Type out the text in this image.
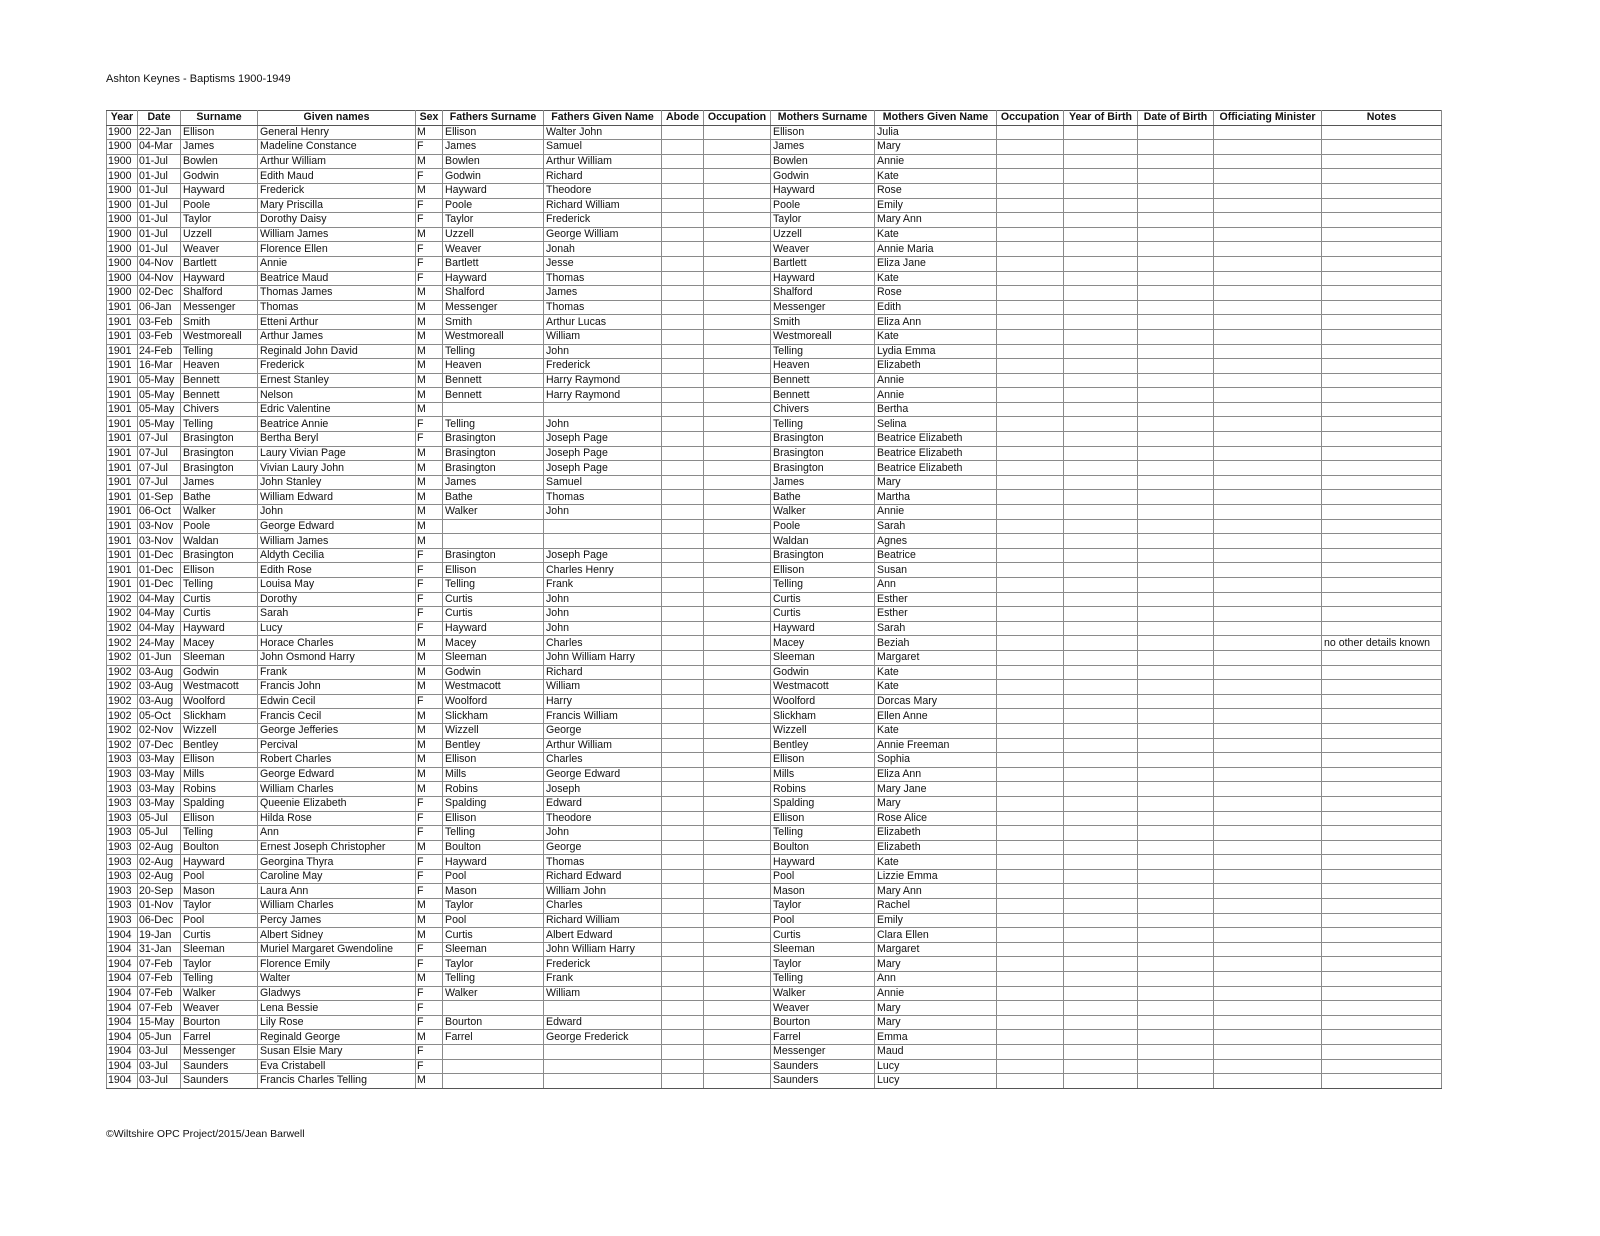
Ashton Keynes - Baptisms 1900-1949
Year	Date	Surname	Given names	Sex	Fathers Surname	Fathers Given Name	Abode	Occupation	Mothers Surname	Mothers Given Name	Occupation	Year of Birth	Date of Birth	Officiating Minister	Notes
1900	22-Jan	Ellison	General Henry	M	Ellison	Walter John			Ellison	Julia					
1900	04-Mar	James	Madeline Constance	F	James	Samuel			James	Mary					
1900	01-Jul	Bowlen	Arthur William	M	Bowlen	Arthur William			Bowlen	Annie					
1900	01-Jul	Godwin	Edith Maud	F	Godwin	Richard			Godwin	Kate					
1900	01-Jul	Hayward	Frederick	M	Hayward	Theodore			Hayward	Rose					
1900	01-Jul	Poole	Mary Priscilla	F	Poole	Richard William			Poole	Emily					
1900	01-Jul	Taylor	Dorothy Daisy	F	Taylor	Frederick			Taylor	Mary Ann					
1900	01-Jul	Uzzell	William James	M	Uzzell	George William			Uzzell	Kate					
1900	01-Jul	Weaver	Florence Ellen	F	Weaver	Jonah			Weaver	Annie Maria					
1900	04-Nov	Bartlett	Annie	F	Bartlett	Jesse			Bartlett	Eliza Jane					
1900	04-Nov	Hayward	Beatrice Maud	F	Hayward	Thomas			Hayward	Kate					
1900	02-Dec	Shalford	Thomas James	M	Shalford	James			Shalford	Rose					
1901	06-Jan	Messenger	Thomas	M	Messenger	Thomas			Messenger	Edith					
1901	03-Feb	Smith	Etteni Arthur	M	Smith	Arthur Lucas			Smith	Eliza Ann					
1901	03-Feb	Westmoreall	Arthur James	M	Westmoreall	William			Westmoreall	Kate					
1901	24-Feb	Telling	Reginald John David	M	Telling	John			Telling	Lydia Emma					
1901	16-Mar	Heaven	Frederick	M	Heaven	Frederick			Heaven	Elizabeth					
1901	05-May	Bennett	Ernest Stanley	M	Bennett	Harry Raymond			Bennett	Annie					
1901	05-May	Bennett	Nelson	M	Bennett	Harry Raymond			Bennett	Annie					
1901	05-May	Chivers	Edric Valentine	M					Chivers	Bertha					
1901	05-May	Telling	Beatrice Annie	F	Telling	John			Telling	Selina					
1901	07-Jul	Brasington	Bertha Beryl	F	Brasington	Joseph Page			Brasington	Beatrice Elizabeth					
1901	07-Jul	Brasington	Laury Vivian Page	M	Brasington	Joseph Page			Brasington	Beatrice Elizabeth					
1901	07-Jul	Brasington	Vivian Laury John	M	Brasington	Joseph Page			Brasington	Beatrice Elizabeth					
1901	07-Jul	James	John Stanley	M	James	Samuel			James	Mary					
1901	01-Sep	Bathe	William Edward	M	Bathe	Thomas			Bathe	Martha					
1901	06-Oct	Walker	John	M	Walker	John			Walker	Annie					
1901	03-Nov	Poole	George Edward	M					Poole	Sarah					
1901	03-Nov	Waldan	William James	M					Waldan	Agnes					
1901	01-Dec	Brasington	Aldyth Cecilia	F	Brasington	Joseph Page			Brasington	Beatrice					
1901	01-Dec	Ellison	Edith Rose	F	Ellison	Charles Henry			Ellison	Susan					
1901	01-Dec	Telling	Louisa May	F	Telling	Frank			Telling	Ann					
1902	04-May	Curtis	Dorothy	F	Curtis	John			Curtis	Esther					
1902	04-May	Curtis	Sarah	F	Curtis	John			Curtis	Esther					
1902	04-May	Hayward	Lucy	F	Hayward	John			Hayward	Sarah					
1902	24-May	Macey	Horace Charles	M	Macey	Charles			Macey	Beziah					no other details known
1902	01-Jun	Sleeman	John Osmond Harry	M	Sleeman	John William Harry			Sleeman	Margaret					
1902	03-Aug	Godwin	Frank	M	Godwin	Richard			Godwin	Kate					
1902	03-Aug	Westmacott	Francis John	M	Westmacott	William			Westmacott	Kate					
1902	03-Aug	Woolford	Edwin Cecil	F	Woolford	Harry			Woolford	Dorcas Mary					
1902	05-Oct	Slickham	Francis Cecil	M	Slickham	Francis William			Slickham	Ellen Anne					
1902	02-Nov	Wizzell	George Jefferies	M	Wizzell	George			Wizzell	Kate					
1902	07-Dec	Bentley	Percival	M	Bentley	Arthur William			Bentley	Annie Freeman					
1903	03-May	Ellison	Robert Charles	M	Ellison	Charles			Ellison	Sophia					
1903	03-May	Mills	George Edward	M	Mills	George Edward			Mills	Eliza Ann					
1903	03-May	Robins	William Charles	M	Robins	Joseph			Robins	Mary Jane					
1903	03-May	Spalding	Queenie Elizabeth	F	Spalding	Edward			Spalding	Mary					
1903	05-Jul	Ellison	Hilda Rose	F	Ellison	Theodore			Ellison	Rose Alice					
1903	05-Jul	Telling	Ann	F	Telling	John			Telling	Elizabeth					
1903	02-Aug	Boulton	Ernest Joseph Christopher	M	Boulton	George			Boulton	Elizabeth					
1903	02-Aug	Hayward	Georgina Thyra	F	Hayward	Thomas			Hayward	Kate					
1903	02-Aug	Pool	Caroline May	F	Pool	Richard Edward			Pool	Lizzie Emma					
1903	20-Sep	Mason	Laura Ann	F	Mason	William John			Mason	Mary Ann					
1903	01-Nov	Taylor	William Charles	M	Taylor	Charles			Taylor	Rachel					
1903	06-Dec	Pool	Percy James	M	Pool	Richard William			Pool	Emily					
1904	19-Jan	Curtis	Albert Sidney	M	Curtis	Albert Edward			Curtis	Clara Ellen					
1904	31-Jan	Sleeman	Muriel Margaret Gwendoline	F	Sleeman	John William Harry			Sleeman	Margaret					
1904	07-Feb	Taylor	Florence Emily	F	Taylor	Frederick			Taylor	Mary					
1904	07-Feb	Telling	Walter	M	Telling	Frank			Telling	Ann					
1904	07-Feb	Walker	Gladwys	F	Walker	William			Walker	Annie					
1904	07-Feb	Weaver	Lena Bessie	F					Weaver	Mary					
1904	15-May	Bourton	Lily Rose	F	Bourton	Edward			Bourton	Mary					
1904	05-Jun	Farrel	Reginald George	M	Farrel	George Frederick			Farrel	Emma					
1904	03-Jul	Messenger	Susan Elsie Mary	F					Messenger	Maud					
1904	03-Jul	Saunders	Eva Cristabell	F					Saunders	Lucy					
1904	03-Jul	Saunders	Francis Charles Telling	M					Saunders	Lucy					
©Wiltshire OPC Project/2015/Jean Barwell
